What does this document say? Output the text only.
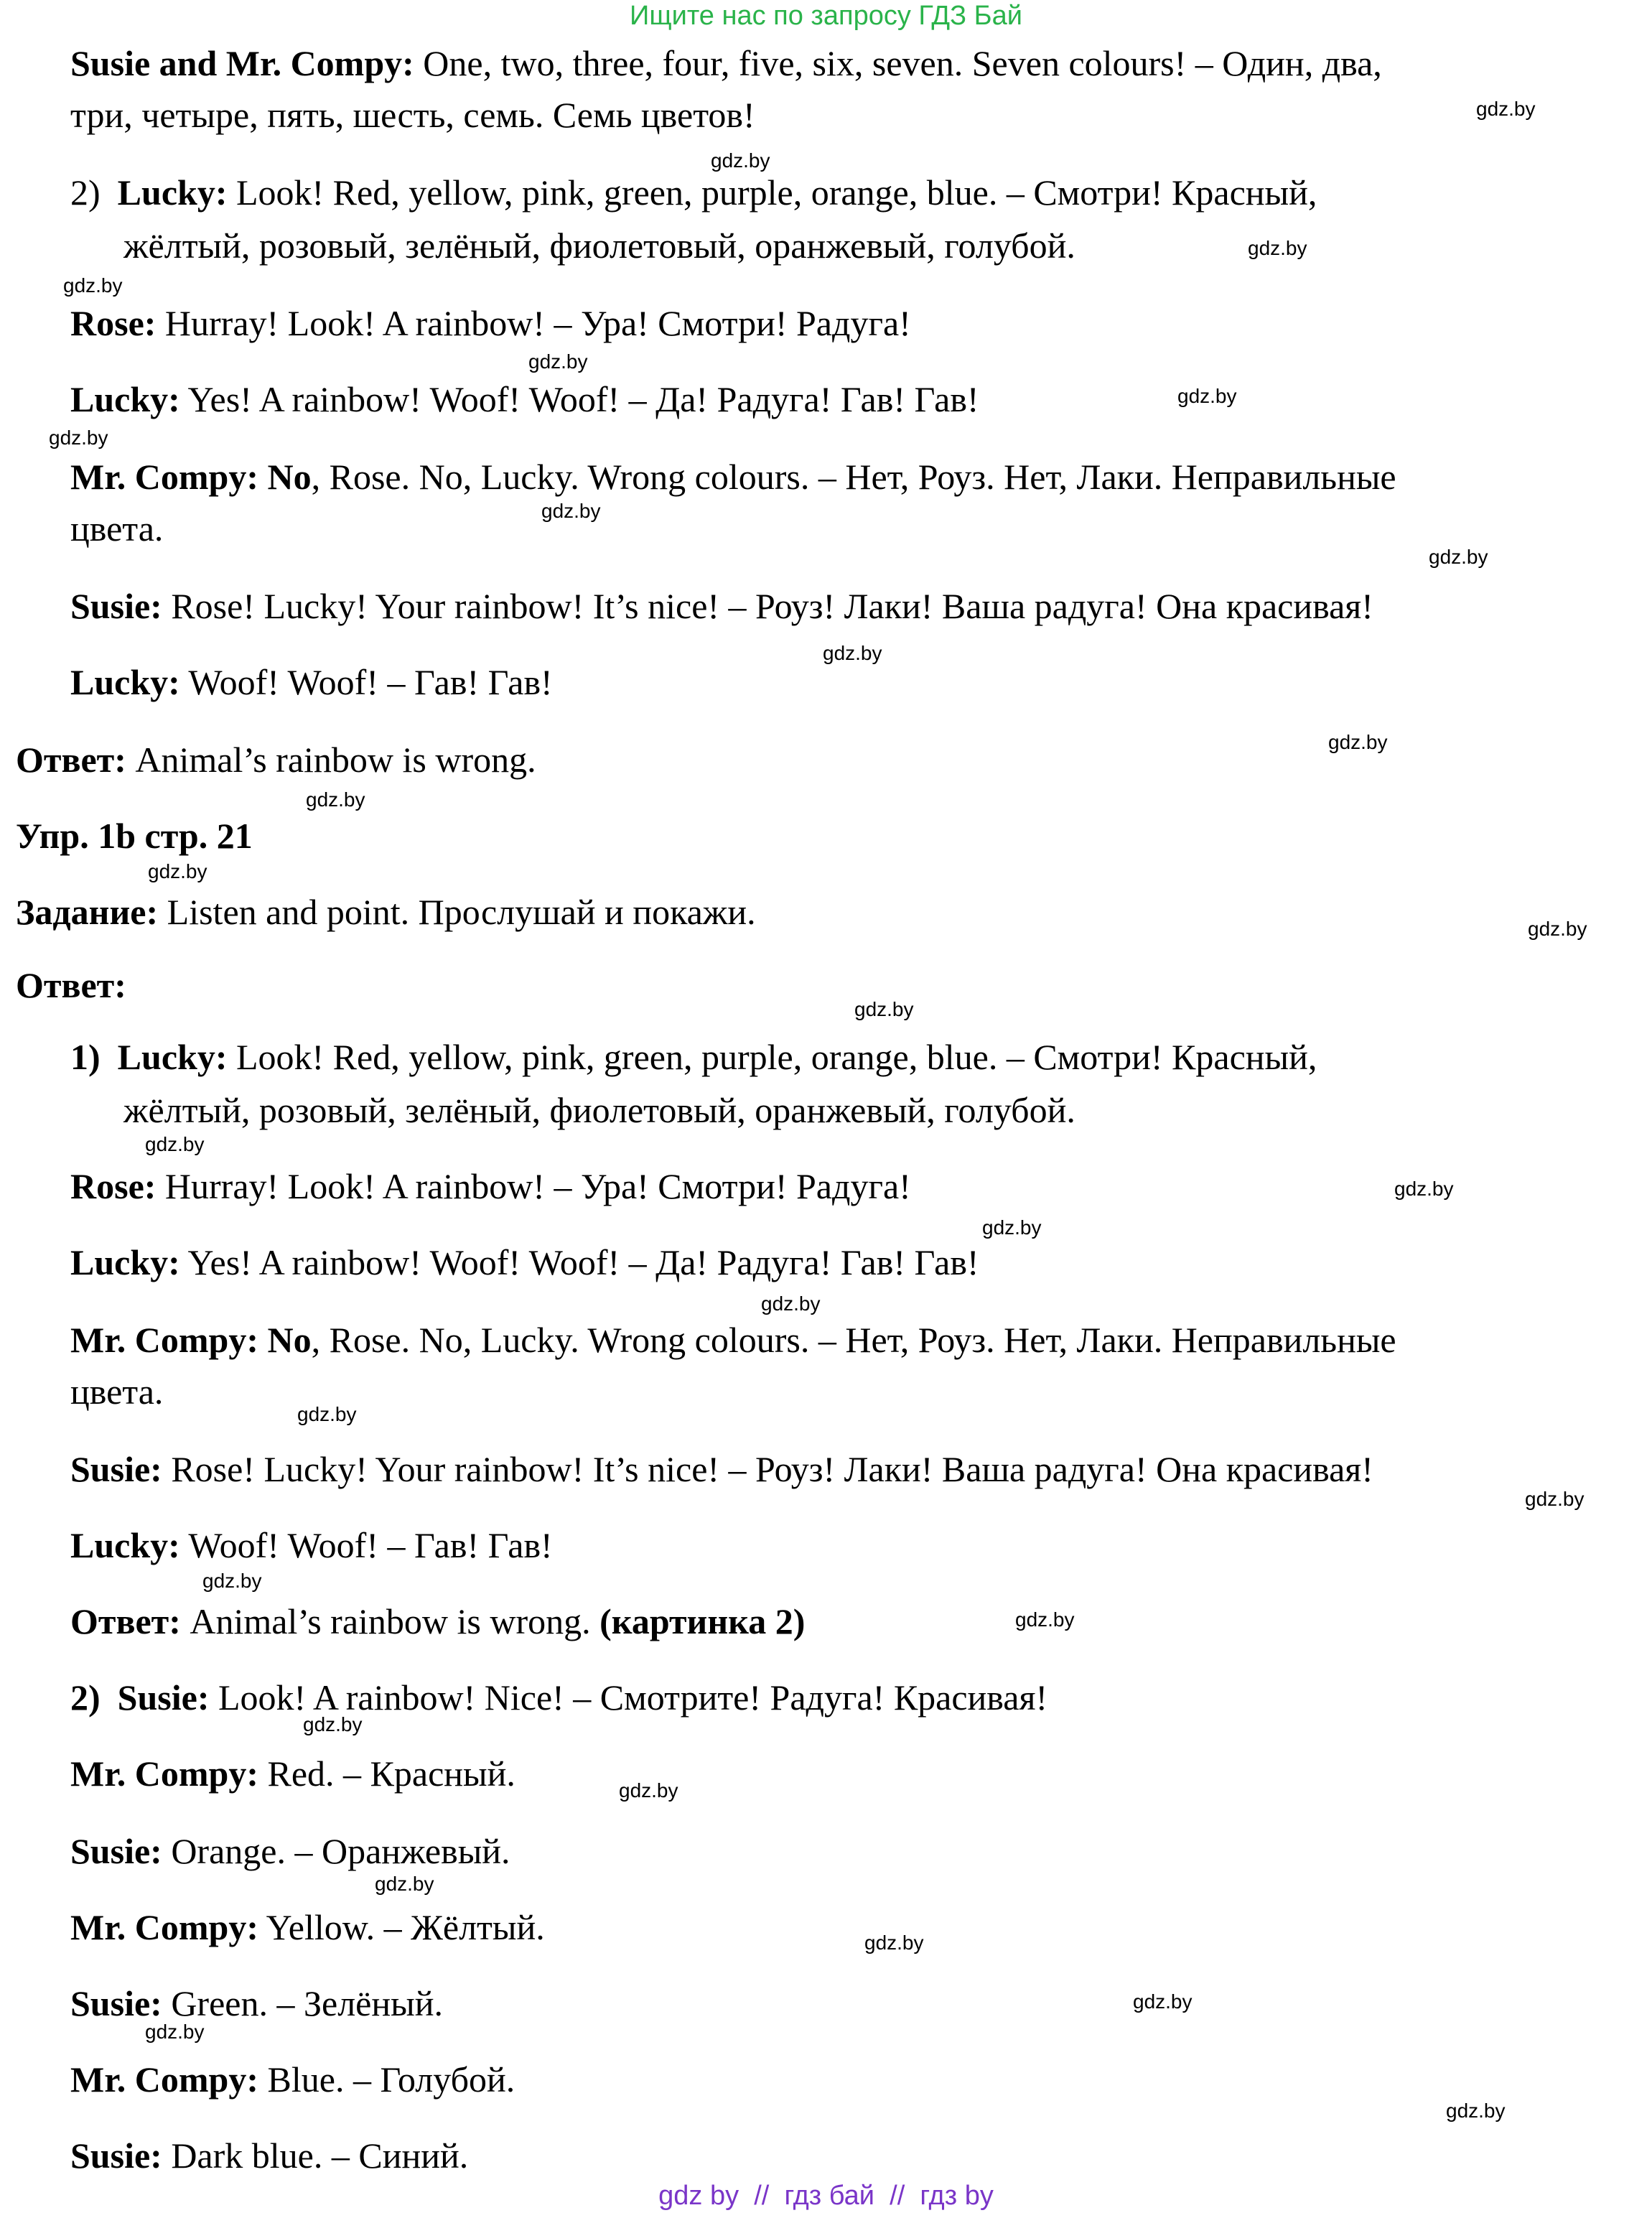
Ищите нас по запросу ГДЗ Бай
Susie and Mr. Compy: One, two, three, four, five, six, seven. Seven colours! – Один, два,
три, четыре, пять, шесть, семь. Семь цветов!
2) Lucky: Look! Red, yellow, pink, green, purple, orange, blue. – Смотри! Красный,
жёлтый, розовый, зелёный, фиолетовый, оранжевый, голубой.
Rose: Hurray! Look! A rainbow! – Ура! Смотри! Радуга!
Lucky: Yes! A rainbow! Woof! Woof! – Да! Радуга! Гав! Гав!
Mr. Compy: No, Rose. No, Lucky. Wrong colours. – Нет, Роуз. Нет, Лаки. Неправильные
цвета.
Susie: Rose! Lucky! Your rainbow! It’s nice! – Роуз! Лаки! Ваша радуга! Она красивая!
Lucky: Woof! Woof! – Гав! Гав!
Ответ: Animal’s rainbow is wrong.
Упр. 1b стр. 21
Задание: Listen and point. Прослушай и покажи.
Ответ:
1) Lucky: Look! Red, yellow, pink, green, purple, orange, blue. – Смотри! Красный,
жёлтый, розовый, зелёный, фиолетовый, оранжевый, голубой.
Rose: Hurray! Look! A rainbow! – Ура! Смотри! Радуга!
Lucky: Yes! A rainbow! Woof! Woof! – Да! Радуга! Гав! Гав!
Mr. Compy: No, Rose. No, Lucky. Wrong colours. – Нет, Роуз. Нет, Лаки. Неправильные
цвета.
Susie: Rose! Lucky! Your rainbow! It’s nice! – Роуз! Лаки! Ваша радуга! Она красивая!
Lucky: Woof! Woof! – Гав! Гав!
Ответ: Animal’s rainbow is wrong. (картинка 2)
2) Susie: Look! A rainbow! Nice! – Смотрите! Радуга! Красивая!
Mr. Compy: Red. – Красный.
Susie: Orange. – Оранжевый.
Mr. Compy: Yellow. – Жёлтый.
Susie: Green. – Зелёный.
Mr. Compy: Blue. – Голубой.
Susie: Dark blue. – Синий.
gdz.by
gdz.by
gdz.by
gdz.by
gdz.by
gdz.by
gdz.by
gdz.by
gdz.by
gdz.by
gdz.by
gdz.by
gdz.by
gdz.by
gdz.by
gdz.by
gdz.by
gdz.by
gdz.by
gdz.by
gdz.by
gdz.by
gdz.by
gdz.by
gdz.by
gdz.by
gdz.by
gdz.by
gdz.by
gdz.by
gdz by // гдз бай // гдз by
